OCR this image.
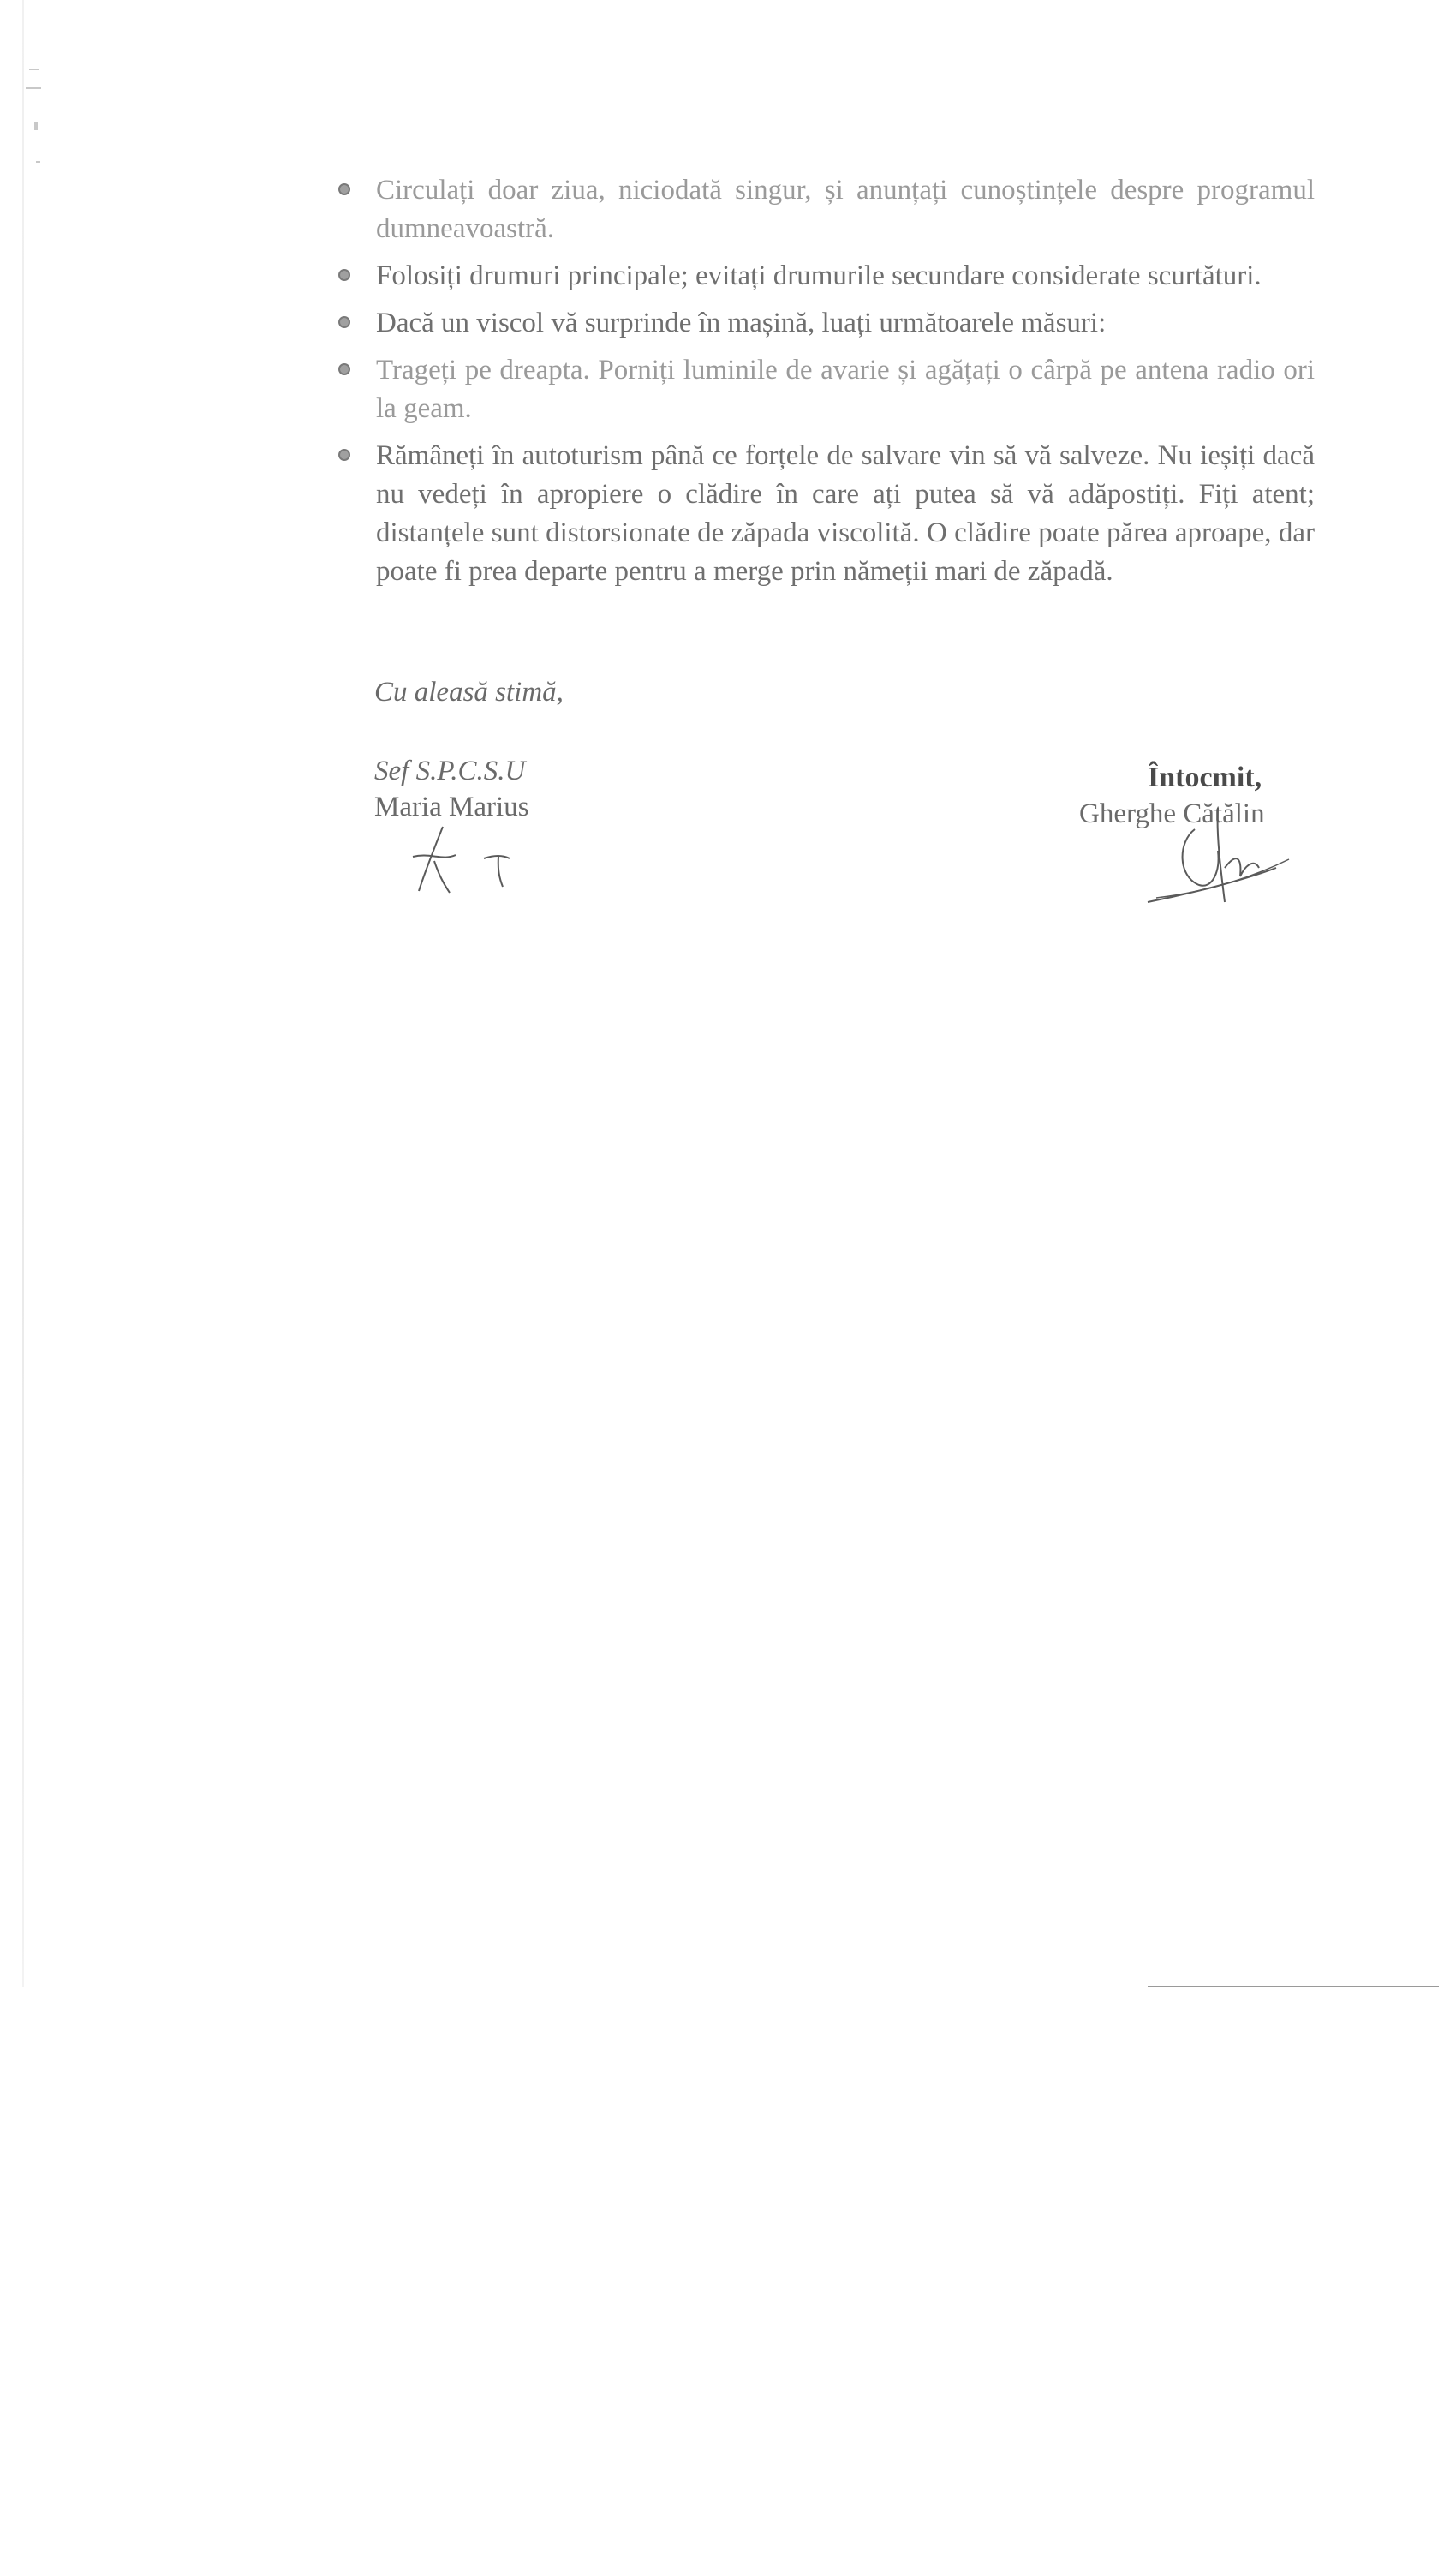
Circulați doar ziua, niciodată singur, și anunțați cunoștințele despre programul dumneavoastră.
Folosiți drumuri principale; evitați drumurile secundare considerate scurtături.
Dacă un viscol vă surprinde în mașină, luați următoarele măsuri:
Trageți pe dreapta. Porniți luminile de avarie și agățați o cârpă pe antena radio ori la geam.
Rămâneți în autoturism până ce forțele de salvare vin să vă salveze. Nu ieșiți dacă nu vedeți în apropiere o clădire în care ați putea să vă adăpostiți. Fiți atent; distanțele sunt distorsionate de zăpada viscolită. O clădire poate părea aproape, dar poate fi prea departe pentru a merge prin nămeții mari de zăpadă.
Cu aleasă stimă,
Sef S.P.C.S.U
Maria Marius
Întocmit,
Gherghe Cătălin
